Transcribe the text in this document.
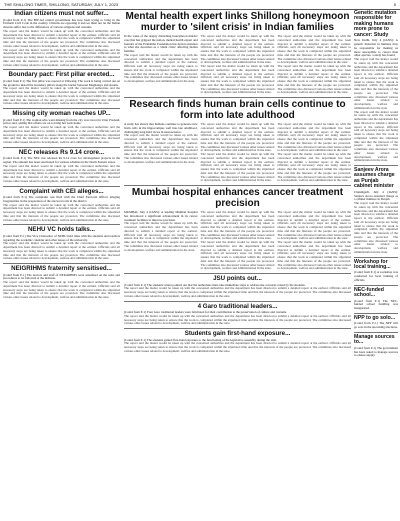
THE SHILLONG TIMES, SHILLONG, SATURDAY, JULY 1, 2023	5
Indian citizens must not suffer...

(Contd from P-1) The BJP-led central government has now been trying to bring in the Uniform Civil Code in the country. Citizens are opposing it and we must not let the Indian citizens suffer due to the differences of various religions and customs.

The report said the matter would be taken up with the concerned authorities and the department has been directed to submit a detailed report at the earliest. Officials said all necessary steps are being taken to ensure that the work is completed within the stipulated time and that the interests of the people are protected. The committee also discussed various other issues related to development, welfare and administration in the state.

The report said the matter would be taken up with the concerned authorities and the department has been directed to submit a detailed report at the earliest. Officials said all necessary steps are being taken to ensure that the work is completed within the stipulated time and that the interests of the people are protected. The committee also discussed various other issues related to development, welfare and administration in the state.

Boundary pact: First pillar erected...

(Contd from P-1) The first pillar was erected at Umwang. The work is being carried out on the ground to install the boundary pillars along the border between Meghalaya and Assam.

The report said the matter would be taken up with the concerned authorities and the department has been directed to submit a detailed report at the earliest. Officials said all necessary steps are being taken to ensure that the work is completed within the stipulated time and that the interests of the people are protected. The committee also discussed various other issues related to development, welfare and administration in the state.

Missing city woman reaches UP...

(Contd from P-1) The woman who went missing from the city was traced in Uttar Pradesh, police said, adding that efforts are on to bring her back home.

The report said the matter would be taken up with the concerned authorities and the department has been directed to submit a detailed report at the earliest. Officials said all necessary steps are being taken to ensure that the work is completed within the stipulated time and that the interests of the people are protected. The committee also discussed various other issues related to development, welfare and administration in the state.

NEC releases Rs 9.14 crore...

(Contd from P-1) The NEC has released Rs 9.14 crore for development projects in the region. The amount has been sanctioned for various schemes in the North Eastern states.

The report said the matter would be taken up with the concerned authorities and the department has been directed to submit a detailed report at the earliest. Officials said all necessary steps are being taken to ensure that the work is completed within the stipulated time and that the interests of the people are protected. The committee also discussed various other issues related to development, welfare and administration in the state.

Complaint with CEI alleges...

(Contd from P-1) The complaint was filed with the Chief Electoral Officer alleging irregularities in the preparation of the electoral rolls in the district.

The report said the matter would be taken up with the concerned authorities and the department has been directed to submit a detailed report at the earliest. Officials said all necessary steps are being taken to ensure that the work is completed within the stipulated time and that the interests of the people are protected. The committee also discussed various other issues related to development, welfare and administration in the state.

NEHU VC holds talks...

(Contd from P-1) The Vice Chancellor of NEHU held talks with the students and teachers regarding the academic calendar and other issues of the university.

The report said the matter would be taken up with the concerned authorities and the department has been directed to submit a detailed report at the earliest. Officials said all necessary steps are being taken to ensure that the work is completed within the stipulated time and that the interests of the people are protected. The committee also discussed various other issues related to development, welfare and administration in the state.

NEIGRIHMS fraternity sensitised...

(Contd from P-1) The doctors and staff of NEIGRIHMS were sensitised on the rules and procedures to be followed at the institute.

The report said the matter would be taken up with the concerned authorities and the department has been directed to submit a detailed report at the earliest. Officials said all necessary steps are being taken to ensure that the work is completed within the stipulated time and that the interests of the people are protected. The committee also discussed various other issues related to development, welfare and administration in the state.

Mental health expert links Shillong honeymoon murder to 'silent crisis' in Indian families

In the wake of the deeply disturbing honeymoon murder case that has gripped the nation, mental health expert and founder of the Pratishtha Foundation has drawn attention to what she describes as a 'silent crisis' affecting Indian families.

The report said the matter would be taken up with the concerned authorities and the department has been directed to submit a detailed report at the earliest. Officials said all necessary steps are being taken to ensure that the work is completed within the stipulated time and that the interests of the people are protected. The committee also discussed various other issues related to development, welfare and administration in the state.

The report said the matter would be taken up with the concerned authorities and the department has been directed to submit a detailed report at the earliest. Officials said all necessary steps are being taken to ensure that the work is completed within the stipulated time and that the interests of the people are protected. The committee also discussed various other issues related to development, welfare and administration in the state.

The report said the matter would be taken up with the concerned authorities and the department has been directed to submit a detailed report at the earliest. Officials said all necessary steps are being taken to ensure that the work is completed within the stipulated time and that the interests of the people are protected. The committee also discussed various other issues related to development, welfare and administration in the state.

The report said the matter would be taken up with the concerned authorities and the department has been directed to submit a detailed report at the earliest. Officials said all necessary steps are being taken to ensure that the work is completed within the stipulated time and that the interests of the people are protected. The committee also discussed various other issues related to development, welfare and administration in the state.

The report said the matter would be taken up with the concerned authorities and the department has been directed to submit a detailed report at the earliest. Officials said all necessary steps are being taken to ensure that the work is completed within the stipulated time and that the interests of the people are protected. The committee also discussed various other issues related to development, welfare and administration in the state.

Research finds human brain cells continue to form into late adulthood

A study has shown that humans continue to generate new brain cells in the hippocampus well into late adulthood, challenging long-held views in neuroscience.

The report said the matter would be taken up with the concerned authorities and the department has been directed to submit a detailed report at the earliest. Officials said all necessary steps are being taken to ensure that the work is completed within the stipulated time and that the interests of the people are protected. The committee also discussed various other issues related to development, welfare and administration in the state.

The report said the matter would be taken up with the concerned authorities and the department has been directed to submit a detailed report at the earliest. Officials said all necessary steps are being taken to ensure that the work is completed within the stipulated time and that the interests of the people are protected. The committee also discussed various other issues related to development, welfare and administration in the state.

The report said the matter would be taken up with the concerned authorities and the department has been directed to submit a detailed report at the earliest. Officials said all necessary steps are being taken to ensure that the work is completed within the stipulated time and that the interests of the people are protected. The committee also discussed various other issues related to development, welfare and administration in the state.

The report said the matter would be taken up with the concerned authorities and the department has been directed to submit a detailed report at the earliest. Officials said all necessary steps are being taken to ensure that the work is completed within the stipulated time and that the interests of the people are protected. The committee also discussed various other issues related to development, welfare and administration in the state.

The report said the matter would be taken up with the concerned authorities and the department has been directed to submit a detailed report at the earliest. Officials said all necessary steps are being taken to ensure that the work is completed within the stipulated time and that the interests of the people are protected. The committee also discussed various other issues related to development, welfare and administration in the state.

Mumbai hospital enhances cancer treatment precision

MUMBAI, July 4 (IANS): A leading Mumbai hospital has introduced a significant advancement in its cancer treatment facilities to improve precision.

The report said the matter would be taken up with the concerned authorities and the department has been directed to submit a detailed report at the earliest. Officials said all necessary steps are being taken to ensure that the work is completed within the stipulated time and that the interests of the people are protected. The committee also discussed various other issues related to development, welfare and administration in the state.

The report said the matter would be taken up with the concerned authorities and the department has been directed to submit a detailed report at the earliest. Officials said all necessary steps are being taken to ensure that the work is completed within the stipulated time and that the interests of the people are protected. The committee also discussed various other issues related to development, welfare and administration in the state.

The report said the matter would be taken up with the concerned authorities and the department has been directed to submit a detailed report at the earliest. Officials said all necessary steps are being taken to ensure that the work is completed within the stipulated time and that the interests of the people are protected. The committee also discussed various other issues related to development, welfare and administration in the state.

The report said the matter would be taken up with the concerned authorities and the department has been directed to submit a detailed report at the earliest. Officials said all necessary steps are being taken to ensure that the work is completed within the stipulated time and that the interests of the people are protected. The committee also discussed various other issues related to development, welfare and administration in the state.

The report said the matter would be taken up with the concerned authorities and the department has been directed to submit a detailed report at the earliest. Officials said all necessary steps are being taken to ensure that the work is completed within the stipulated time and that the interests of the people are protected. The committee also discussed various other issues related to development, welfare and administration in the state.

JSU points out...

(Contd from P-1) The students' union pointed out that the authorities must take immediate steps to address the concerns raised by the students.

The report said the matter would be taken up with the concerned authorities and the department has been directed to submit a detailed report at the earliest. Officials said all necessary steps are being taken to ensure that the work is completed within the stipulated time and that the interests of the people are protected. The committee also discussed various other issues related to development, welfare and administration in the state.

4 Garo traditional leaders...

(Contd from P-1) Four Garo traditional leaders were felicitated for their contribution to the preservation of culture and customs.

The report said the matter would be taken up with the concerned authorities and the department has been directed to submit a detailed report at the earliest. Officials said all necessary steps are being taken to ensure that the work is completed within the stipulated time and that the interests of the people are protected. The committee also discussed various other issues related to development, welfare and administration in the state.

Students gain first-hand exposure...

(Contd from P-1) The students gained first-hand exposure to the functioning of the legislative assembly during the visit.

The report said the matter would be taken up with the concerned authorities and the department has been directed to submit a detailed report at the earliest. Officials said all necessary steps are being taken to ensure that the work is completed within the stipulated time and that the interests of the people are protected. The committee also discussed various other issues related to development, welfare and administration in the state.

Genetic mutation responsible for making humans more prone to cancer: Study

New Delhi, July 4 (IANS): A genetic mutation in humans may be responsible for making us more susceptible to cancer than other species, a study has found.

The report said the matter would be taken up with the concerned authorities and the department has been directed to submit a detailed report at the earliest. Officials said all necessary steps are being taken to ensure that the work is completed within the stipulated time and that the interests of the people are protected. The committee also discussed various other issues related to development, welfare and administration in the state.

The report said the matter would be taken up with the concerned authorities and the department has been directed to submit a detailed report at the earliest. Officials said all necessary steps are being taken to ensure that the work is completed within the stipulated time and that the interests of the people are protected. The committee also discussed various other issues related to development, welfare and administration in the state.

Sanjeev Arora assumes charge as Punjab cabinet minister

Chandigarh, July 4 (IANS): Sanjeev Arora assumed charge as a cabinet minister in Punjab.

The report said the matter would be taken up with the concerned authorities and the department has been directed to submit a detailed report at the earliest. Officials said all necessary steps are being taken to ensure that the work is completed within the stipulated time and that the interests of the people are protected. The committee also discussed various other issues related to development, welfare and administration in the state.

Workshop for local training...

(Contd from P-1) A workshop was conducted for local training of officials.

NEC-funded school...

(Contd from P-1) The NEC-funded school building was inaugurated.

NPP to go solo...

(Contd from P-1) The NPP will go solo in the upcoming elections.

Manage sources to...

(Contd from P-1) The government has been asked to manage sources to ensure supply.
